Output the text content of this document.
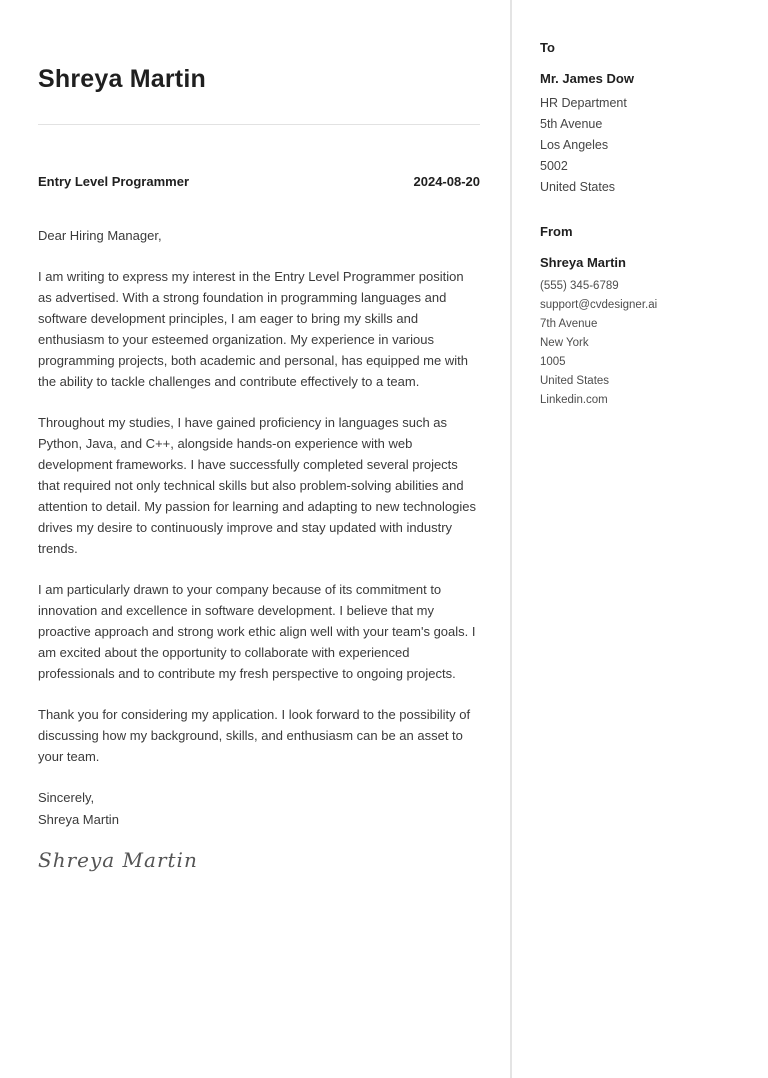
Shreya Martin
Entry Level Programmer	2024-08-20

Dear Hiring Manager,

I am writing to express my interest in the Entry Level Programmer position as advertised. With a strong foundation in programming languages and software development principles, I am eager to bring my skills and enthusiasm to your esteemed organization. My experience in various programming projects, both academic and personal, has equipped me with the ability to tackle challenges and contribute effectively to a team.

Throughout my studies, I have gained proficiency in languages such as Python, Java, and C++, alongside hands-on experience with web development frameworks. I have successfully completed several projects that required not only technical skills but also problem-solving abilities and attention to detail. My passion for learning and adapting to new technologies drives my desire to continuously improve and stay updated with industry trends.

I am particularly drawn to your company because of its commitment to innovation and excellence in software development. I believe that my proactive approach and strong work ethic align well with your team's goals. I am excited about the opportunity to collaborate with experienced professionals and to contribute my fresh perspective to ongoing projects.

Thank you for considering my application. I look forward to the possibility of discussing how my background, skills, and enthusiasm can be an asset to your team.

Sincerely,
Shreya Martin
Shreya Martin
To
Mr. James Dow
HR Department
5th Avenue
Los Angeles
5002
United States
From
Shreya Martin
(555) 345-6789
support@cvdesigner.ai
7th Avenue
New York
1005
United States
Linkedin.com
